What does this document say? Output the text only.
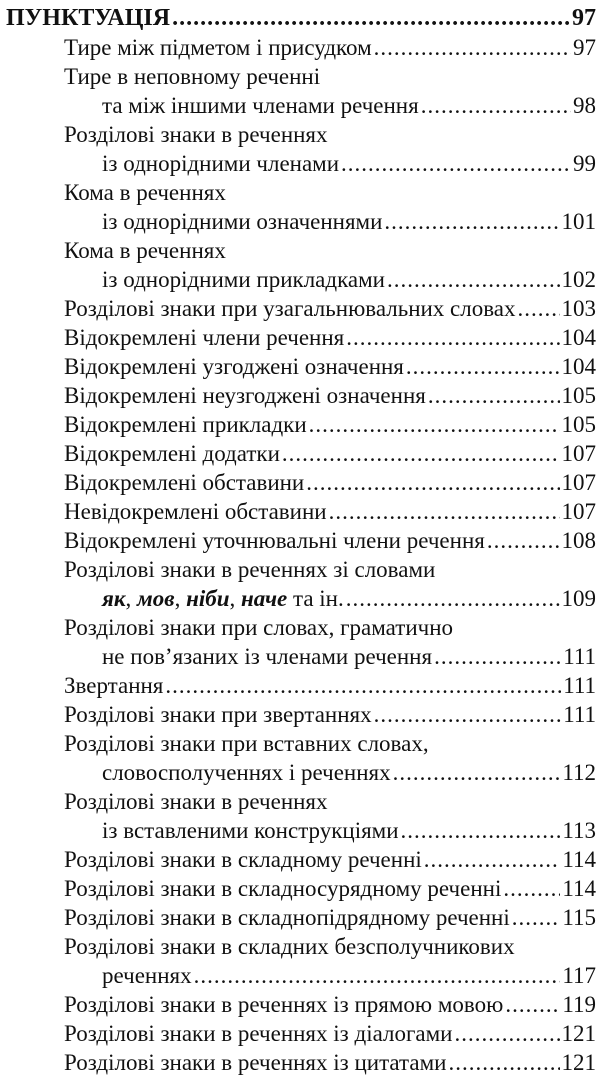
ПУНКТУАЦІЯ .....	97
Тире між підметом і присудком .....	97
Тире в неповному реченні
та між іншими членами речення .....	98
Розділові знаки в реченнях
із однорідними членами .....	99
Кома в реченнях
із однорідними означеннями .....	101
Кома в реченнях
із однорідними прикладками .....	102
Розділові знаки при узагальнювальних словах ..... 103
Відокремлені члени речення .....	104
Відокремлені узгоджені означення .....	104
Відокремлені неузгоджені означення .....	105
Відокремлені прикладки .....	105
Відокремлені додатки .....	107
Відокремлені обставини .....	107
Невідокремлені обставини .....	107
Відокремлені уточнювальні члени речення .....	108
Розділові знаки в реченнях зі словами
як, мов, ніби, наче та ін. .....	109
Розділові знаки при словах, граматично
не пов’язаних із членами речення .....	111
Звертання .....	111
Розділові знаки при звертаннях .....	111
Розділові знаки при вставних словах,
словосполученнях і реченнях .....	112
Розділові знаки в реченнях
із вставленими конструкціями .....	113
Розділові знаки в складному реченні .....	114
Розділові знаки в складносурядному реченні .....	114
Розділові знаки в складнопідрядному реченні ..... 115
Розділові знаки в складних безсполучникових
реченнях .....	117
Розділові знаки в реченнях із прямою мовою .....	119
Розділові знаки в реченнях із діалогами .....	121
Розділові знаки в реченнях із цитатами .....	121
